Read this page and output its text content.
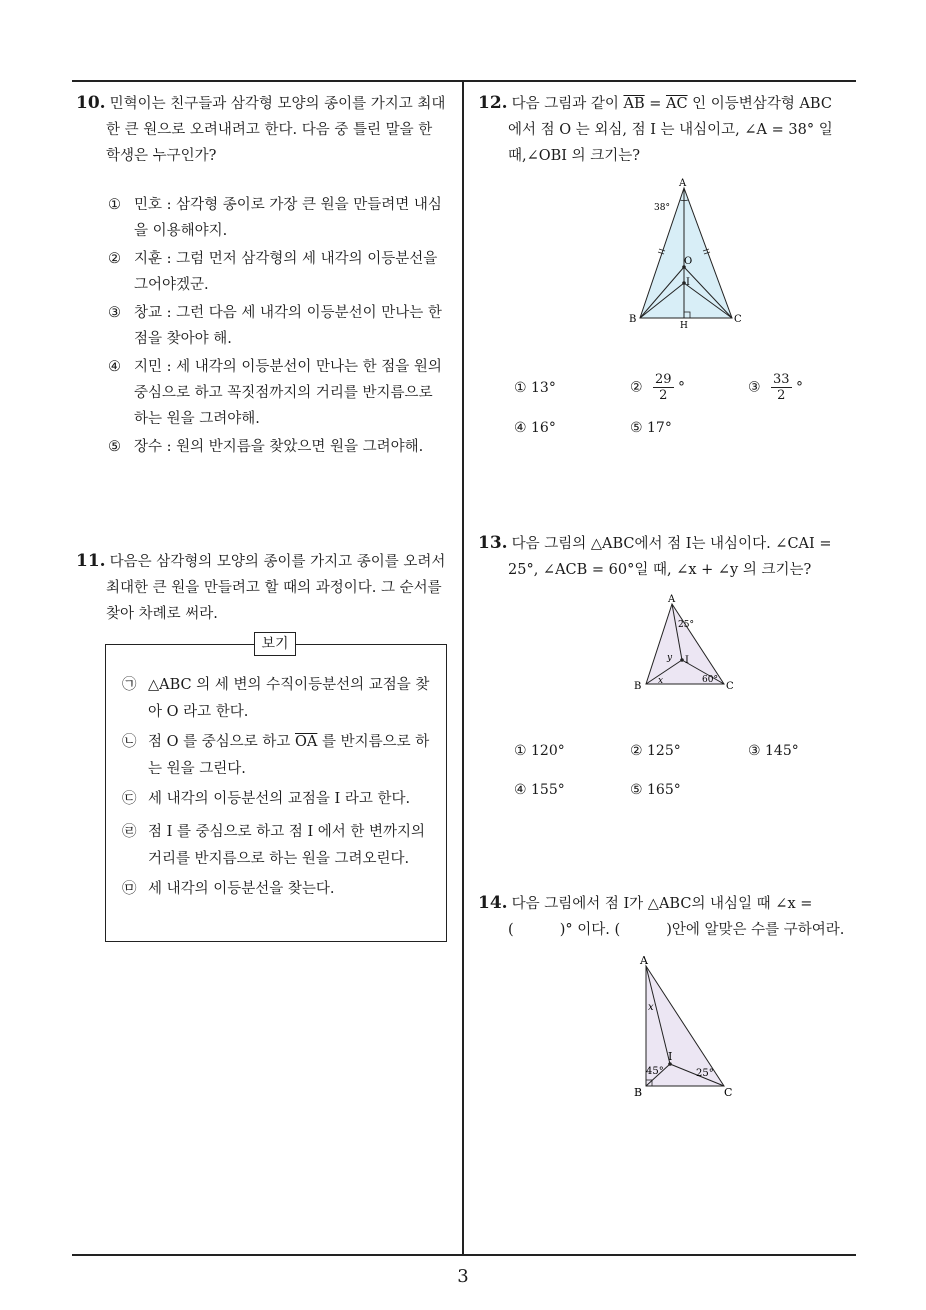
3

10. 민혁이는 친구들과 삼각형 모양의 종이를 가지고 최대

한 큰 원으로 오려내려고 한다. 다음 중 틀린 말을 한

학생은 누구인가?

① 민호 : 삼각형 종이로 가장 큰 원을 만들려면 내심을 이용해야지.
② 지훈 : 그럼 먼저 삼각형의 세 내각의 이등분선을 그어야겠군.
③ 창교 : 그런 다음 세 내각의 이등분선이 만나는 한 점을 찾아야 해.
④ 지민 : 세 내각의 이등분선이 만나는 한 점을 원의 중심으로 하고 꼭짓점까지의 거리를 반지름으로 하는 원을 그려야해.
⑤ 장수 : 원의 반지름을 찾았으면 원을 그려야해.

11. 다음은 삼각형의 모양의 종이를 가지고 종이를 오려서

최대한 큰 원을 만들려고 할 때의 과정이다. 그 순서를

찾아 차례로 써라.

보기
㉠ △ABC 의 세 변의 수직이등분선의 교점을 찾아 O 라고 한다.
㉡ 점 O 를 중심으로 하고 $\overline{OA}$ 를 반지름으로 하는 원을 그린다.
㉢ 세 내각의 이등분선의 교점을 I 라고 한다.
㉣ 점 I 를 중심으로 하고 점 I 에서 한 변까지의 거리를 반지름으로 하는 원을 그려오린다.
㉤ 세 내각의 이등분선을 찾는다.

12. 다음 그림과 같이 $\overline{AB} = \overline{AC}$ 인 이등변삼각형 ABC

에서 점 O 는 외심, 점 I 는 내심이고, ∠A = 38° 일

때,∠OBI 의 크기는?

A
B	C
O
I
H
38°
① 13°	② $\frac{29}{2}$ °	③ $\frac{33}{2}$ °
④ 16°	⑤ 17°

13. 다음 그림의 △ABC에서 점 I는 내심이다. ∠CAI =

25°, ∠ACB = 60°일 때, ∠x + ∠y 의 크기는?

A
B	C
I
25°
60°
x
y
① 120°	② 125°	③ 145°
④ 155°	⑤ 165°

14. 다음 그림에서 점 I가 △ABC의 내심일 때 ∠x =

(          )° 이다. (          )안에 알맞은 수를 구하여라.

A
B	C
I
x
45°	25°
